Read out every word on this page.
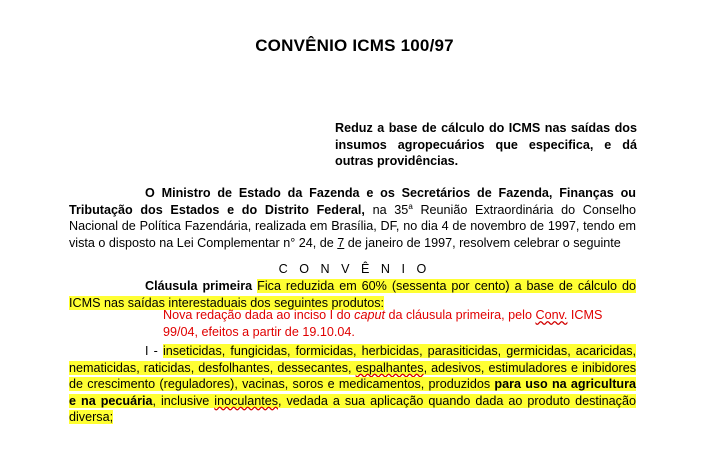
CONVÊNIO ICMS 100/97
Reduz a base de cálculo do ICMS nas saídas dos insumos agropecuários que especifica, e dá outras providências.
O Ministro de Estado da Fazenda e os Secretários de Fazenda, Finanças ou Tributação dos Estados e do Distrito Federal, na 35$^a$ Reunião Extraordinária do Conselho Nacional de Política Fazendária, realizada em Brasília, DF, no dia 4 de novembro de 1997, tendo em vista o disposto na Lei Complementar n° 24, de 7 de janeiro de 1997, resolvem celebrar o seguinte
C O N V Ê N I O
Cláusula primeira Fica reduzida em 60% (sessenta por cento) a base de cálculo do ICMS nas saídas interestaduais dos seguintes produtos:
Nova redação dada ao inciso I do caput da cláusula primeira, pelo Conv. ICMS 99/04, efeitos a partir de 19.10.04.
I - inseticidas, fungicidas, formicidas, herbicidas, parasiticidas, germicidas, acaricidas, nematicidas, raticidas, desfolhantes, dessecantes, espalhantes, adesivos, estimuladores e inibidores de crescimento (reguladores), vacinas, soros e medicamentos, produzidos para uso na agricultura e na pecuária, inclusive inoculantes, vedada a sua aplicação quando dada ao produto destinação diversa;
